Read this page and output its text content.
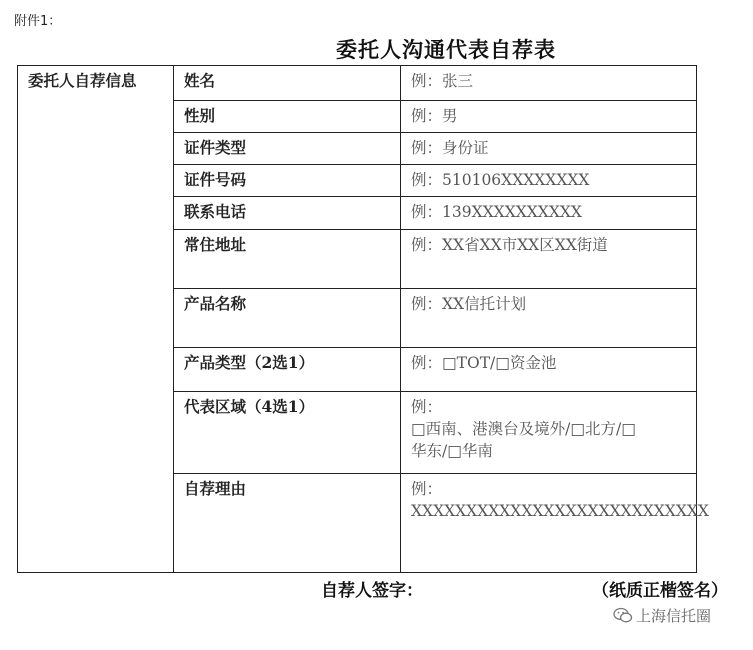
附件1：
委托人沟通代表自荐表
委托人自荐信息	姓名	例：张三
	性别	例：男
	证件类型	例：身份证
	证件号码	例：510106XXXXXXXX
	联系电话	例：139XXXXXXXXXX
	常住地址	例：XX省XX市XX区XX街道
	产品名称	例：XX信托计划
	产品类型（2选1）	例：□TOT/□资金池
	代表区域（4选1）	例：
□西南、港澳台及境外/□北方/□
华东/□华南
	自荐理由	例：
XXXXXXXXXXXXXXXXXXXXXXXXXXX
自荐人签字：	（纸质正楷签名）
上海信托圈
